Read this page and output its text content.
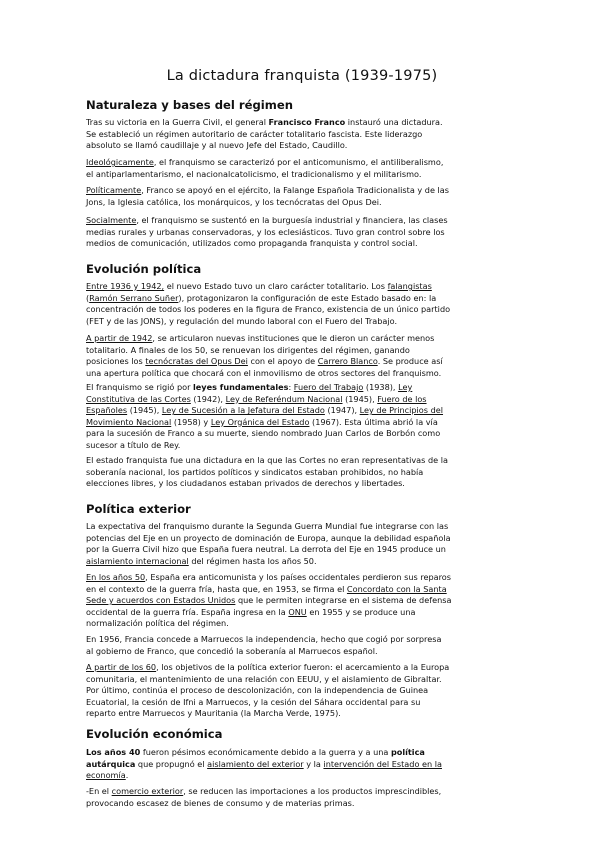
La dictadura franquista (1939-1975)
Naturaleza y bases del régimen
Tras su victoria en la Guerra Civil, el general Francisco Franco instauró una dictadura.
Se estableció un régimen autoritario de carácter totalitario fascista. Este liderazgo
absoluto se llamó caudillaje y al nuevo Jefe del Estado, Caudillo.
Ideológicamente, el franquismo se caracterizó por el anticomunismo, el antiliberalismo,
el antiparlamentarismo, el nacionalcatolicismo, el tradicionalismo y el militarismo.
Políticamente, Franco se apoyó en el ejército, la Falange Española Tradicionalista y de las
Jons, la Iglesia católica, los monárquicos, y los tecnócratas del Opus Dei.
Socialmente, el franquismo se sustentó en la burguesía industrial y financiera, las clases
medias rurales y urbanas conservadoras, y los eclesiásticos. Tuvo gran control sobre los
medios de comunicación, utilizados como propaganda franquista y control social.
Evolución política
Entre 1936 y 1942, el nuevo Estado tuvo un claro carácter totalitario. Los falangistas
(Ramón Serrano Suñer), protagonizaron la configuración de este Estado basado en: la
concentración de todos los poderes en la figura de Franco, existencia de un único partido
(FET y de las JONS), y regulación del mundo laboral con el Fuero del Trabajo.
A partir de 1942, se articularon nuevas instituciones que le dieron un carácter menos
totalitario. A finales de los 50, se renuevan los dirigentes del régimen, ganando
posiciones los tecnócratas del Opus Dei con el apoyo de Carrero Blanco. Se produce así
una apertura política que chocará con el inmovilismo de otros sectores del franquismo.
El franquismo se rigió por leyes fundamentales: Fuero del Trabajo (1938), Ley
Constitutiva de las Cortes (1942), Ley de Referéndum Nacional (1945), Fuero de los
Españoles (1945), Ley de Sucesión a la Jefatura del Estado (1947), Ley de Principios del
Movimiento Nacional (1958) y Ley Orgánica del Estado (1967). Esta última abrió la vía
para la sucesión de Franco a su muerte, siendo nombrado Juan Carlos de Borbón como
sucesor a título de Rey.
El estado franquista fue una dictadura en la que las Cortes no eran representativas de la
soberanía nacional, los partidos políticos y sindicatos estaban prohibidos, no había
elecciones libres, y los ciudadanos estaban privados de derechos y libertades.
Política exterior
La expectativa del franquismo durante la Segunda Guerra Mundial fue integrarse con las
potencias del Eje en un proyecto de dominación de Europa, aunque la debilidad española
por la Guerra Civil hizo que España fuera neutral. La derrota del Eje en 1945 produce un
aislamiento internacional del régimen hasta los años 50.
En los años 50, España era anticomunista y los países occidentales perdieron sus reparos
en el contexto de la guerra fría, hasta que, en 1953, se firma el Concordato con la Santa
Sede y acuerdos con Estados Unidos que le permiten integrarse en el sistema de defensa
occidental de la guerra fría. España ingresa en la ONU en 1955 y se produce una
normalización política del régimen.
En 1956, Francia concede a Marruecos la independencia, hecho que cogió por sorpresa
al gobierno de Franco, que concedió la soberanía al Marruecos español.
A partir de los 60, los objetivos de la política exterior fueron: el acercamiento a la Europa
comunitaria, el mantenimiento de una relación con EEUU, y el aislamiento de Gibraltar.
Por último, continúa el proceso de descolonización, con la independencia de Guinea
Ecuatorial, la cesión de Ifni a Marruecos, y la cesión del Sáhara occidental para su
reparto entre Marruecos y Mauritania (la Marcha Verde, 1975).
Evolución económica
Los años 40 fueron pésimos económicamente debido a la guerra y a una política
autárquica que propugnó el aislamiento del exterior y la intervención del Estado en la
economía.
-En el comercio exterior, se reducen las importaciones a los productos imprescindibles,
provocando escasez de bienes de consumo y de materias primas.
